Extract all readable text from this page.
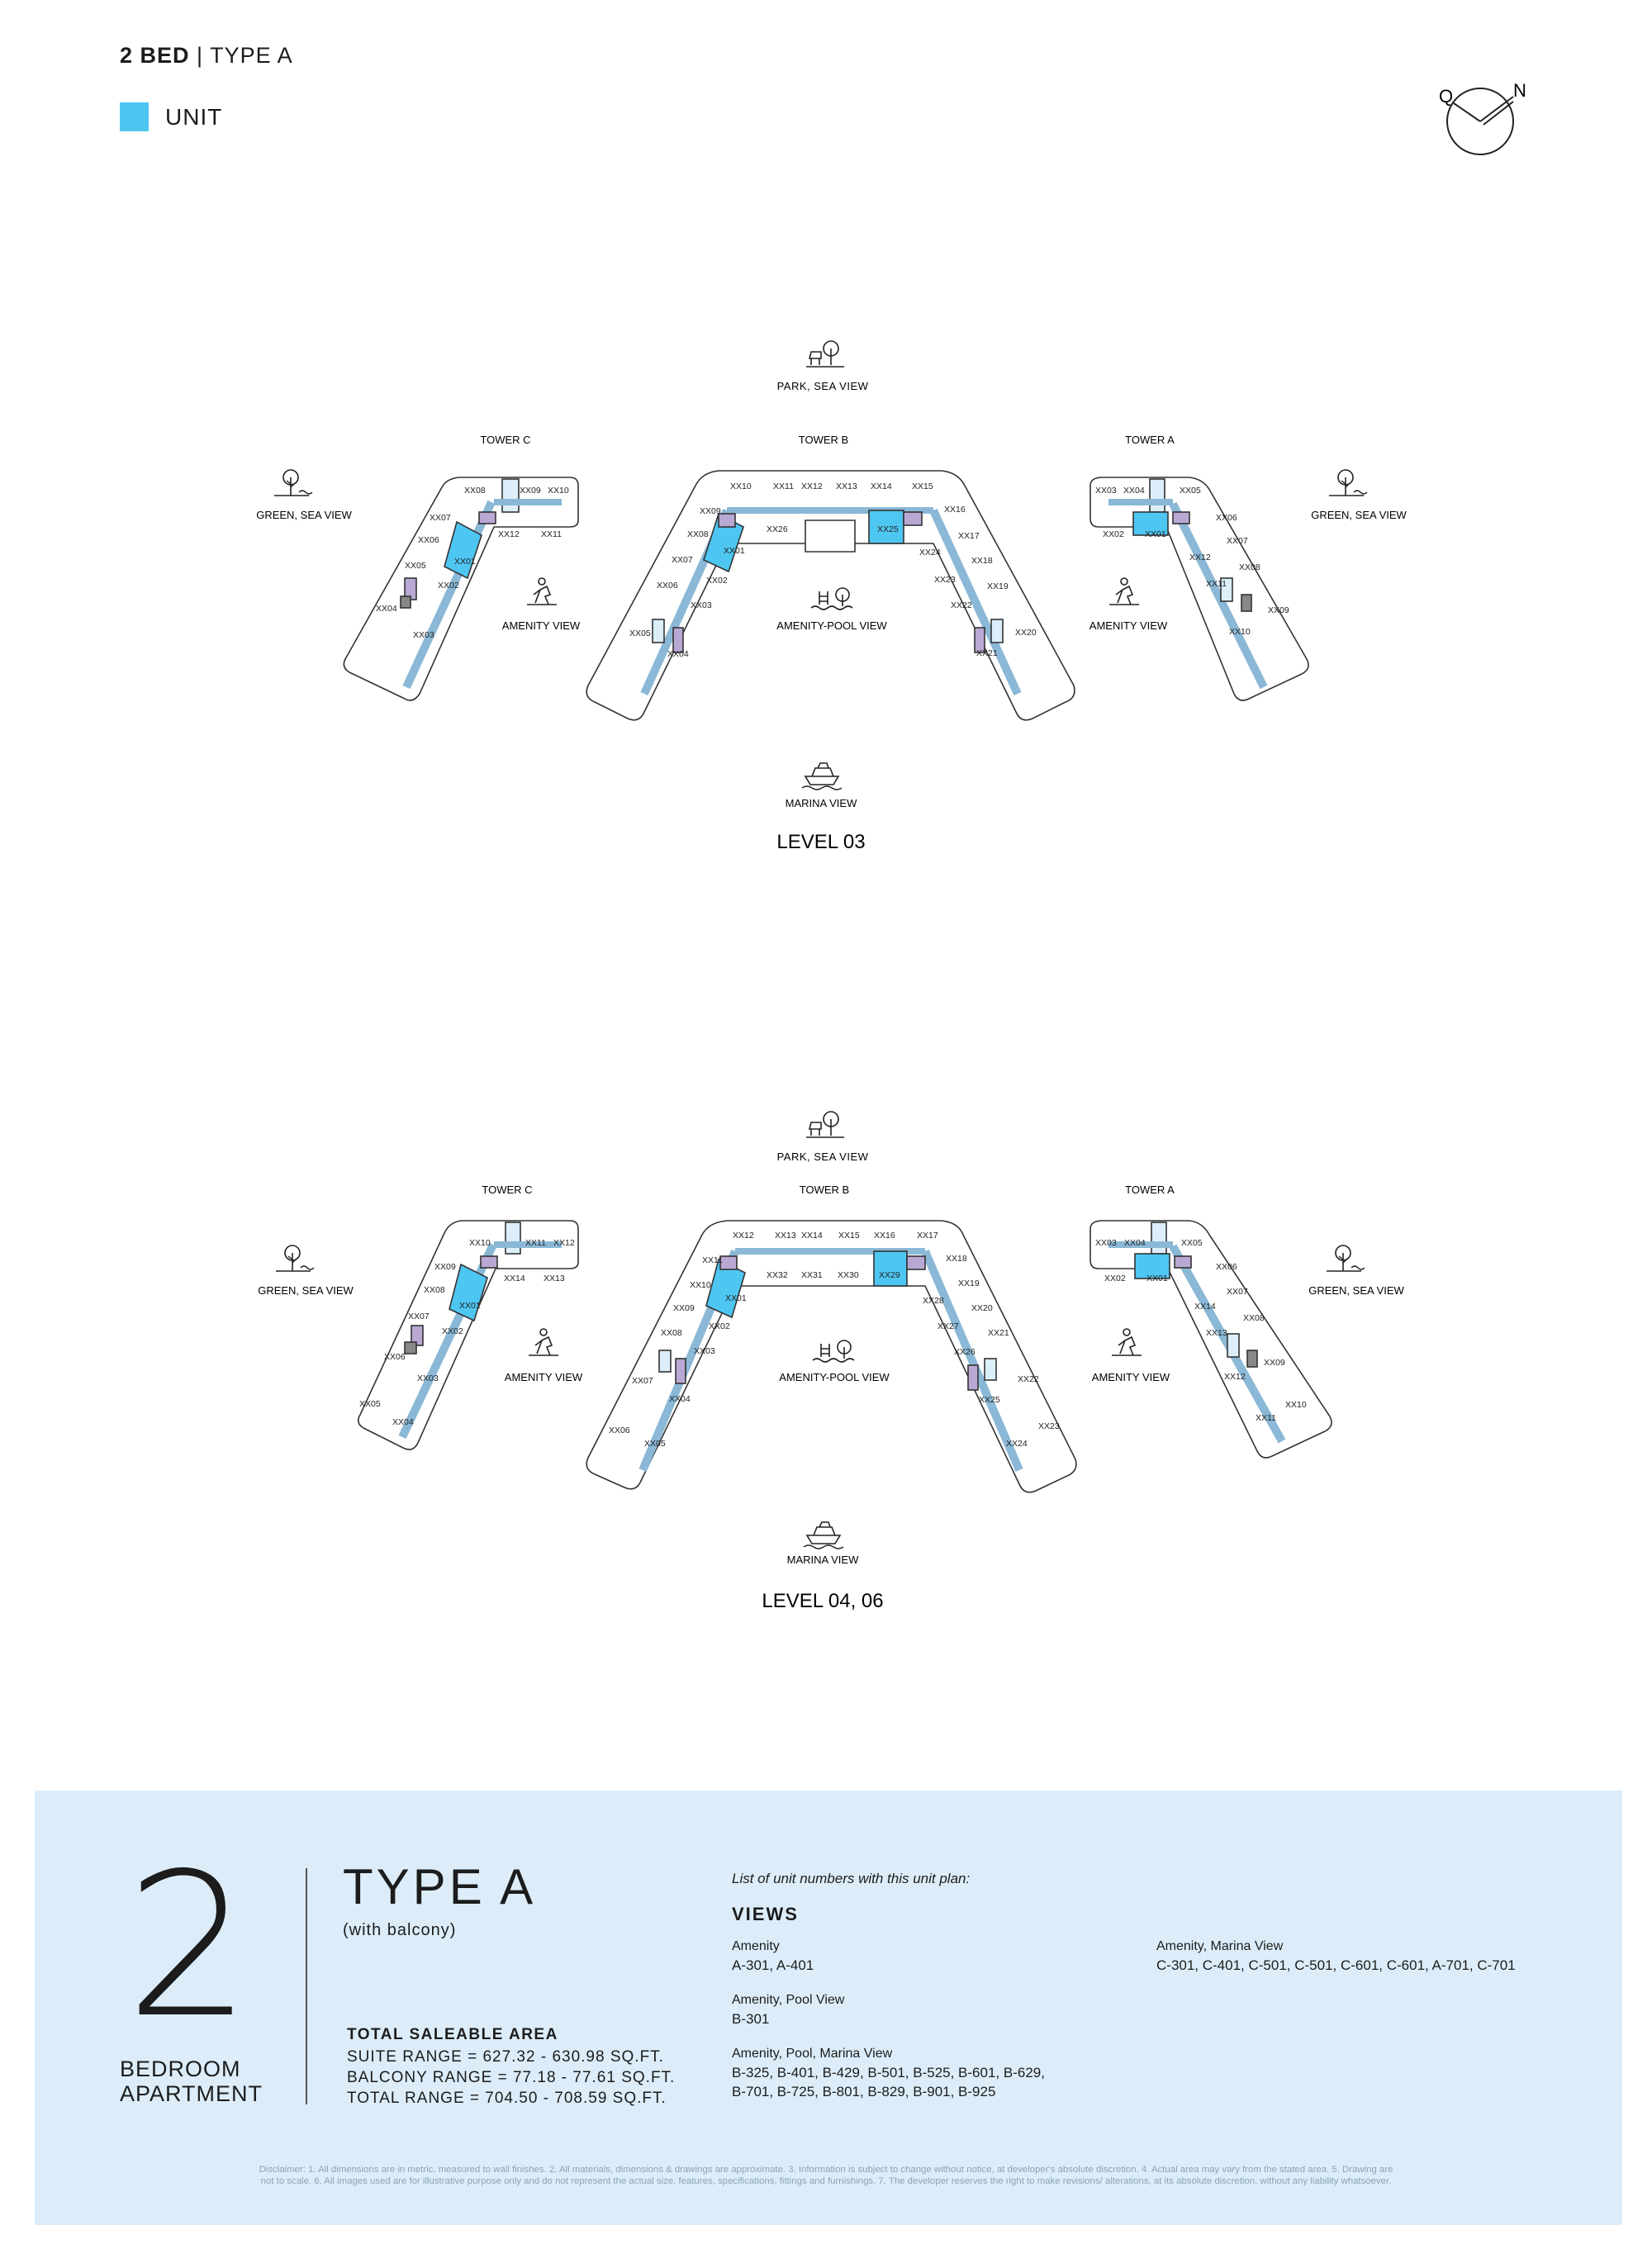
2 BED | TYPE A
UNIT
Q	N
XX08	XX09 XX10
XX07
XX12	XX11
XX06
XX05	XX01
XX02
XX04
XX03
XX10	XX11 XX12 XX13 XX14 XX15
XX09	XX16
XX26	XX25
XX08
XX01	XX24
XX07
XX17
XX02
XX18
XX06
XX23
XX03
XX19
XX05
XX22
XX04
XX20
XX21
XX03 XX04	XX05
XX02 XX01
XX06
XX07
XX12
XX11
XX08
XX10
XX09
PARK, SEA VIEW
TOWER C	TOWER B	TOWER A
GREEN, SEA VIEW	GREEN, SEA VIEW
AMENITY VIEW	AMENITY VIEW
AMENITY-POOL VIEW
MARINA VIEW
LEVEL 03
XX10	XX11 XX12
XX09
XX14 XX13
XX08
XX01
XX07
XX02
XX06
XX03
XX05
XX04
XX12 XX13 XX14 XX15 XX16	XX17
XX11	XX18
XX32 XX31 XX30 XX29
XX10	XX19
XX09
XX01	XX28
XX02
XX20
XX08
XX27
XX03
XX21
XX26
XX07	XX22
XX04	XX25
XX06	XX23
XX05	XX24
XX03 XX04	XX05
XX02 XX01
XX06
XX07
XX14
XX08
XX13
XX09
XX12
XX10
XX11
PARK, SEA VIEW
TOWER C	TOWER B	TOWER A
GREEN, SEA VIEW	GREEN, SEA VIEW
AMENITY VIEW	AMENITY VIEW
AMENITY-POOL VIEW
MARINA VIEW
LEVEL 04, 06
2
BEDROOM
APARTMENT
TYPE A
(with balcony)
TOTAL SALEABLE AREA
SUITE RANGE = 627.32 - 630.98 SQ.FT.
BALCONY RANGE = 77.18 - 77.61 SQ.FT.
TOTAL RANGE = 704.50 - 708.59 SQ.FT.
List of unit numbers with this unit plan:
VIEWS
Amenity
A-301, A-401
Amenity, Pool View
B-301
Amenity, Pool, Marina View
B-325, B-401, B-429, B-501, B-525, B-601, B-629,
B-701, B-725, B-801, B-829, B-901, B-925
Amenity, Marina View
C-301, C-401, C-501, C-501, C-601, C-601, A-701, C-701
Disclaimer: 1. All dimensions are in metric, measured to wall finishes. 2. All materials, dimensions & drawings are approximate. 3. Information is subject to change without notice, at developer's absolute discretion. 4. Actual area may vary from the stated area. 5. Drawing are
not to scale. 6. All images used are for illustrative purpose only and do not represent the actual size, features, specifications, fittings and furnishings. 7. The developer reserves the right to make revisions/ alterations, at its absolute discretion, without any liability whatsoever.
